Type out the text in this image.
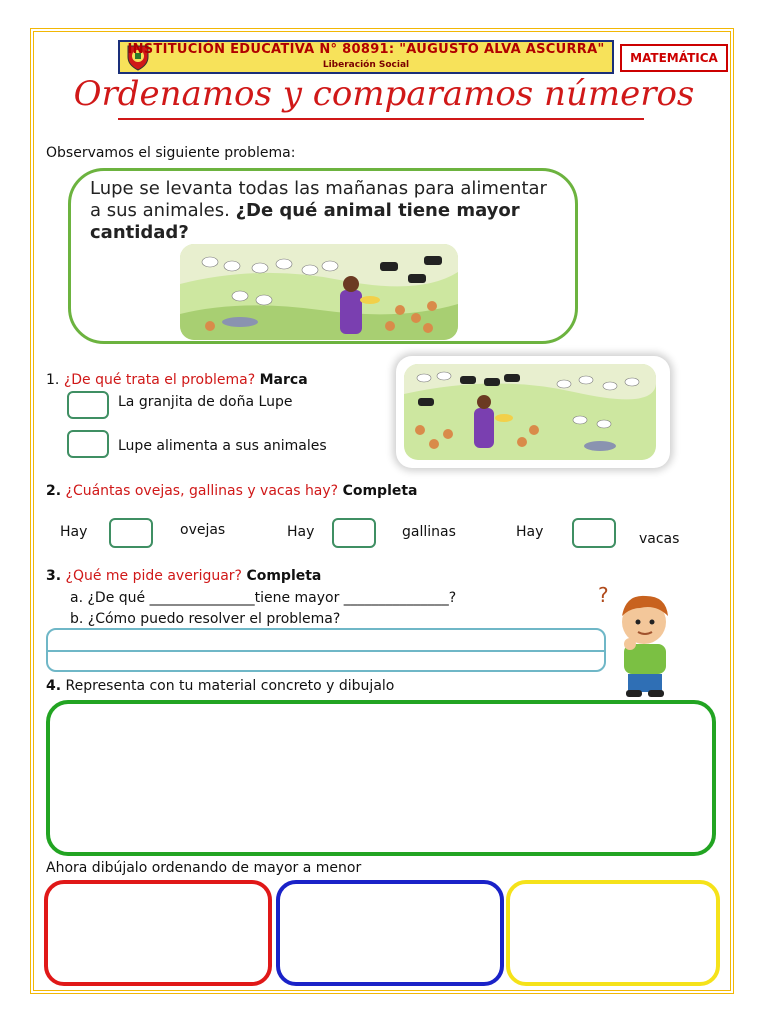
INSTITUCIÓN EDUCATIVA N° 80891: "AUGUSTO ALVA ASCURRA"
Liberación Social	MATEMÁTICA
Ordenamos y comparamos números
Observamos el siguiente problema:
Lupe se levanta todas las mañanas para alimentar a sus animales. ¿De qué animal tiene mayor cantidad?
1. ¿De qué trata el problema? Marca
La granjita de doña Lupe
Lupe alimenta a sus animales
2. ¿Cuántas ovejas, gallinas y vacas hay? Completa
Hay	ovejas	Hay	gallinas	Hay	vacas
3. ¿Qué me pide averiguar? Completa
a. ¿De qué _______________tiene mayor _______________?
b. ¿Cómo puedo resolver el problema?
?
4. Representa con tu material concreto y dibujalo
Ahora dibújalo ordenando de mayor a menor
